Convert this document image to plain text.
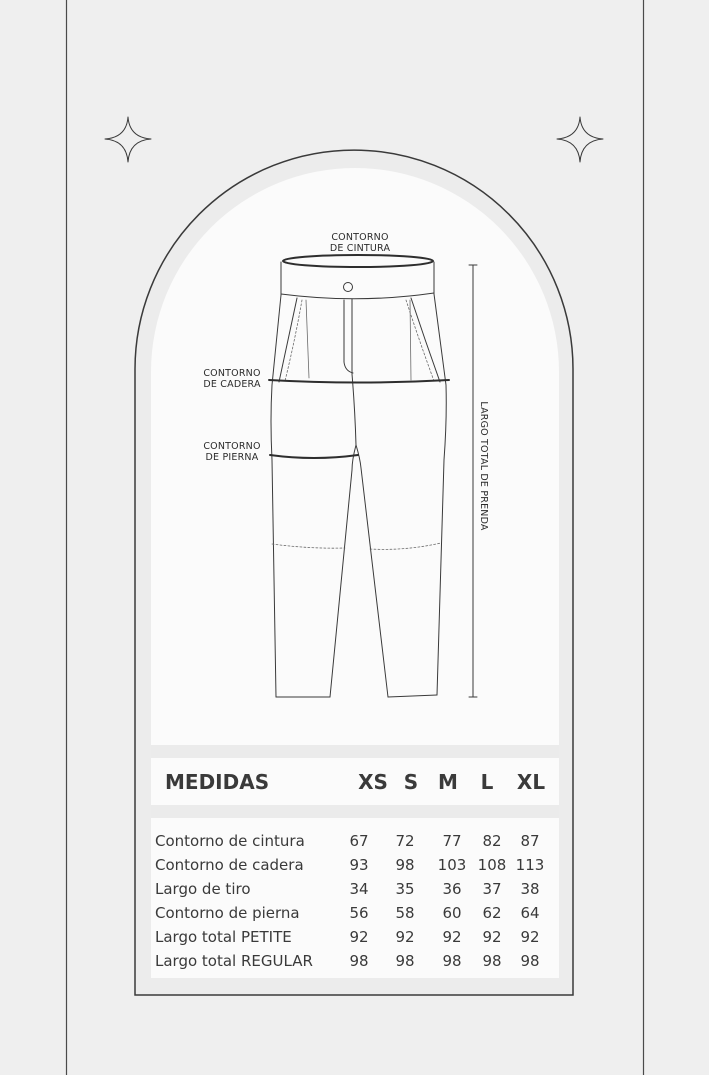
CONTORNO
DE CINTURA
CONTORNO
DE CADERA
CONTORNO
DE PIERNA	LARGO TOTAL DE PRENDA
MEDIDAS	XS S M L XL
Contorno de cintura	67 72 77 82 87
Contorno de cadera	93 98 103 108 113
Largo de tiro	34 35 36 37 38
Contorno de pierna	56 58 60 62 64
Largo total PETITE	92 92 92 92 92
Largo total REGULAR 98 98 98 98 98
